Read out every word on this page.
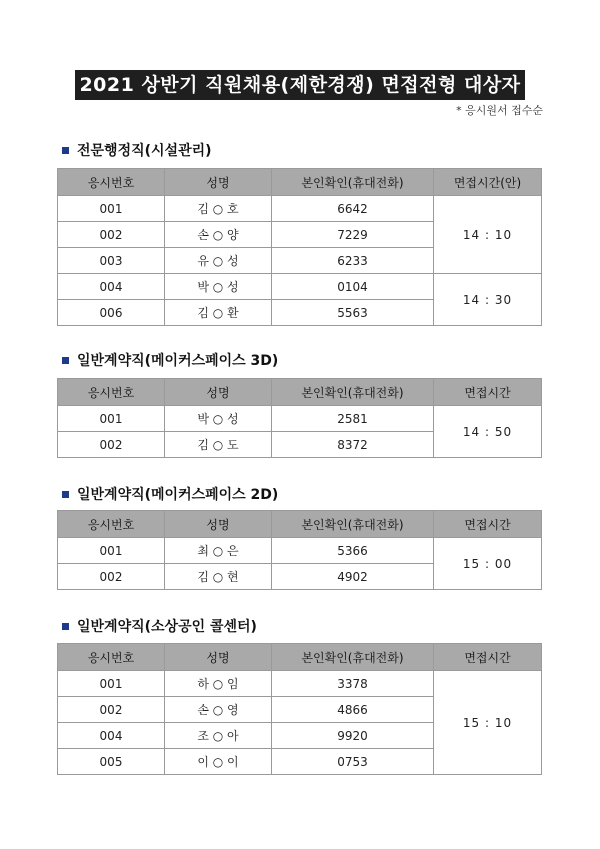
2021 상반기 직원채용(제한경쟁) 면접전형 대상자
* 응시원서 접수순
전문행정직(시설관리)
응시번호	성명	본인확인(휴대전화)	면접시간(안)
001	김 ○ 호	6642	14 : 10
002	손 ○ 양	7229	
003	유 ○ 성	6233	
004	박 ○ 성	0104	14 : 30
006	김 ○ 환	5563	
일반계약직(메이커스페이스 3D)
응시번호	성명	본인확인(휴대전화)	면접시간
001	박 ○ 성	2581	14 : 50
002	김 ○ 도	8372	
일반계약직(메이커스페이스 2D)
응시번호	성명	본인확인(휴대전화)	면접시간
001	최 ○ 은	5366	15 : 00
002	김 ○ 현	4902	
일반계약직(소상공인 콜센터)
응시번호	성명	본인확인(휴대전화)	면접시간
001	하 ○ 임	3378	15 : 10
002	손 ○ 영	4866	
004	조 ○ 아	9920	
005	이 ○ 이	0753	
